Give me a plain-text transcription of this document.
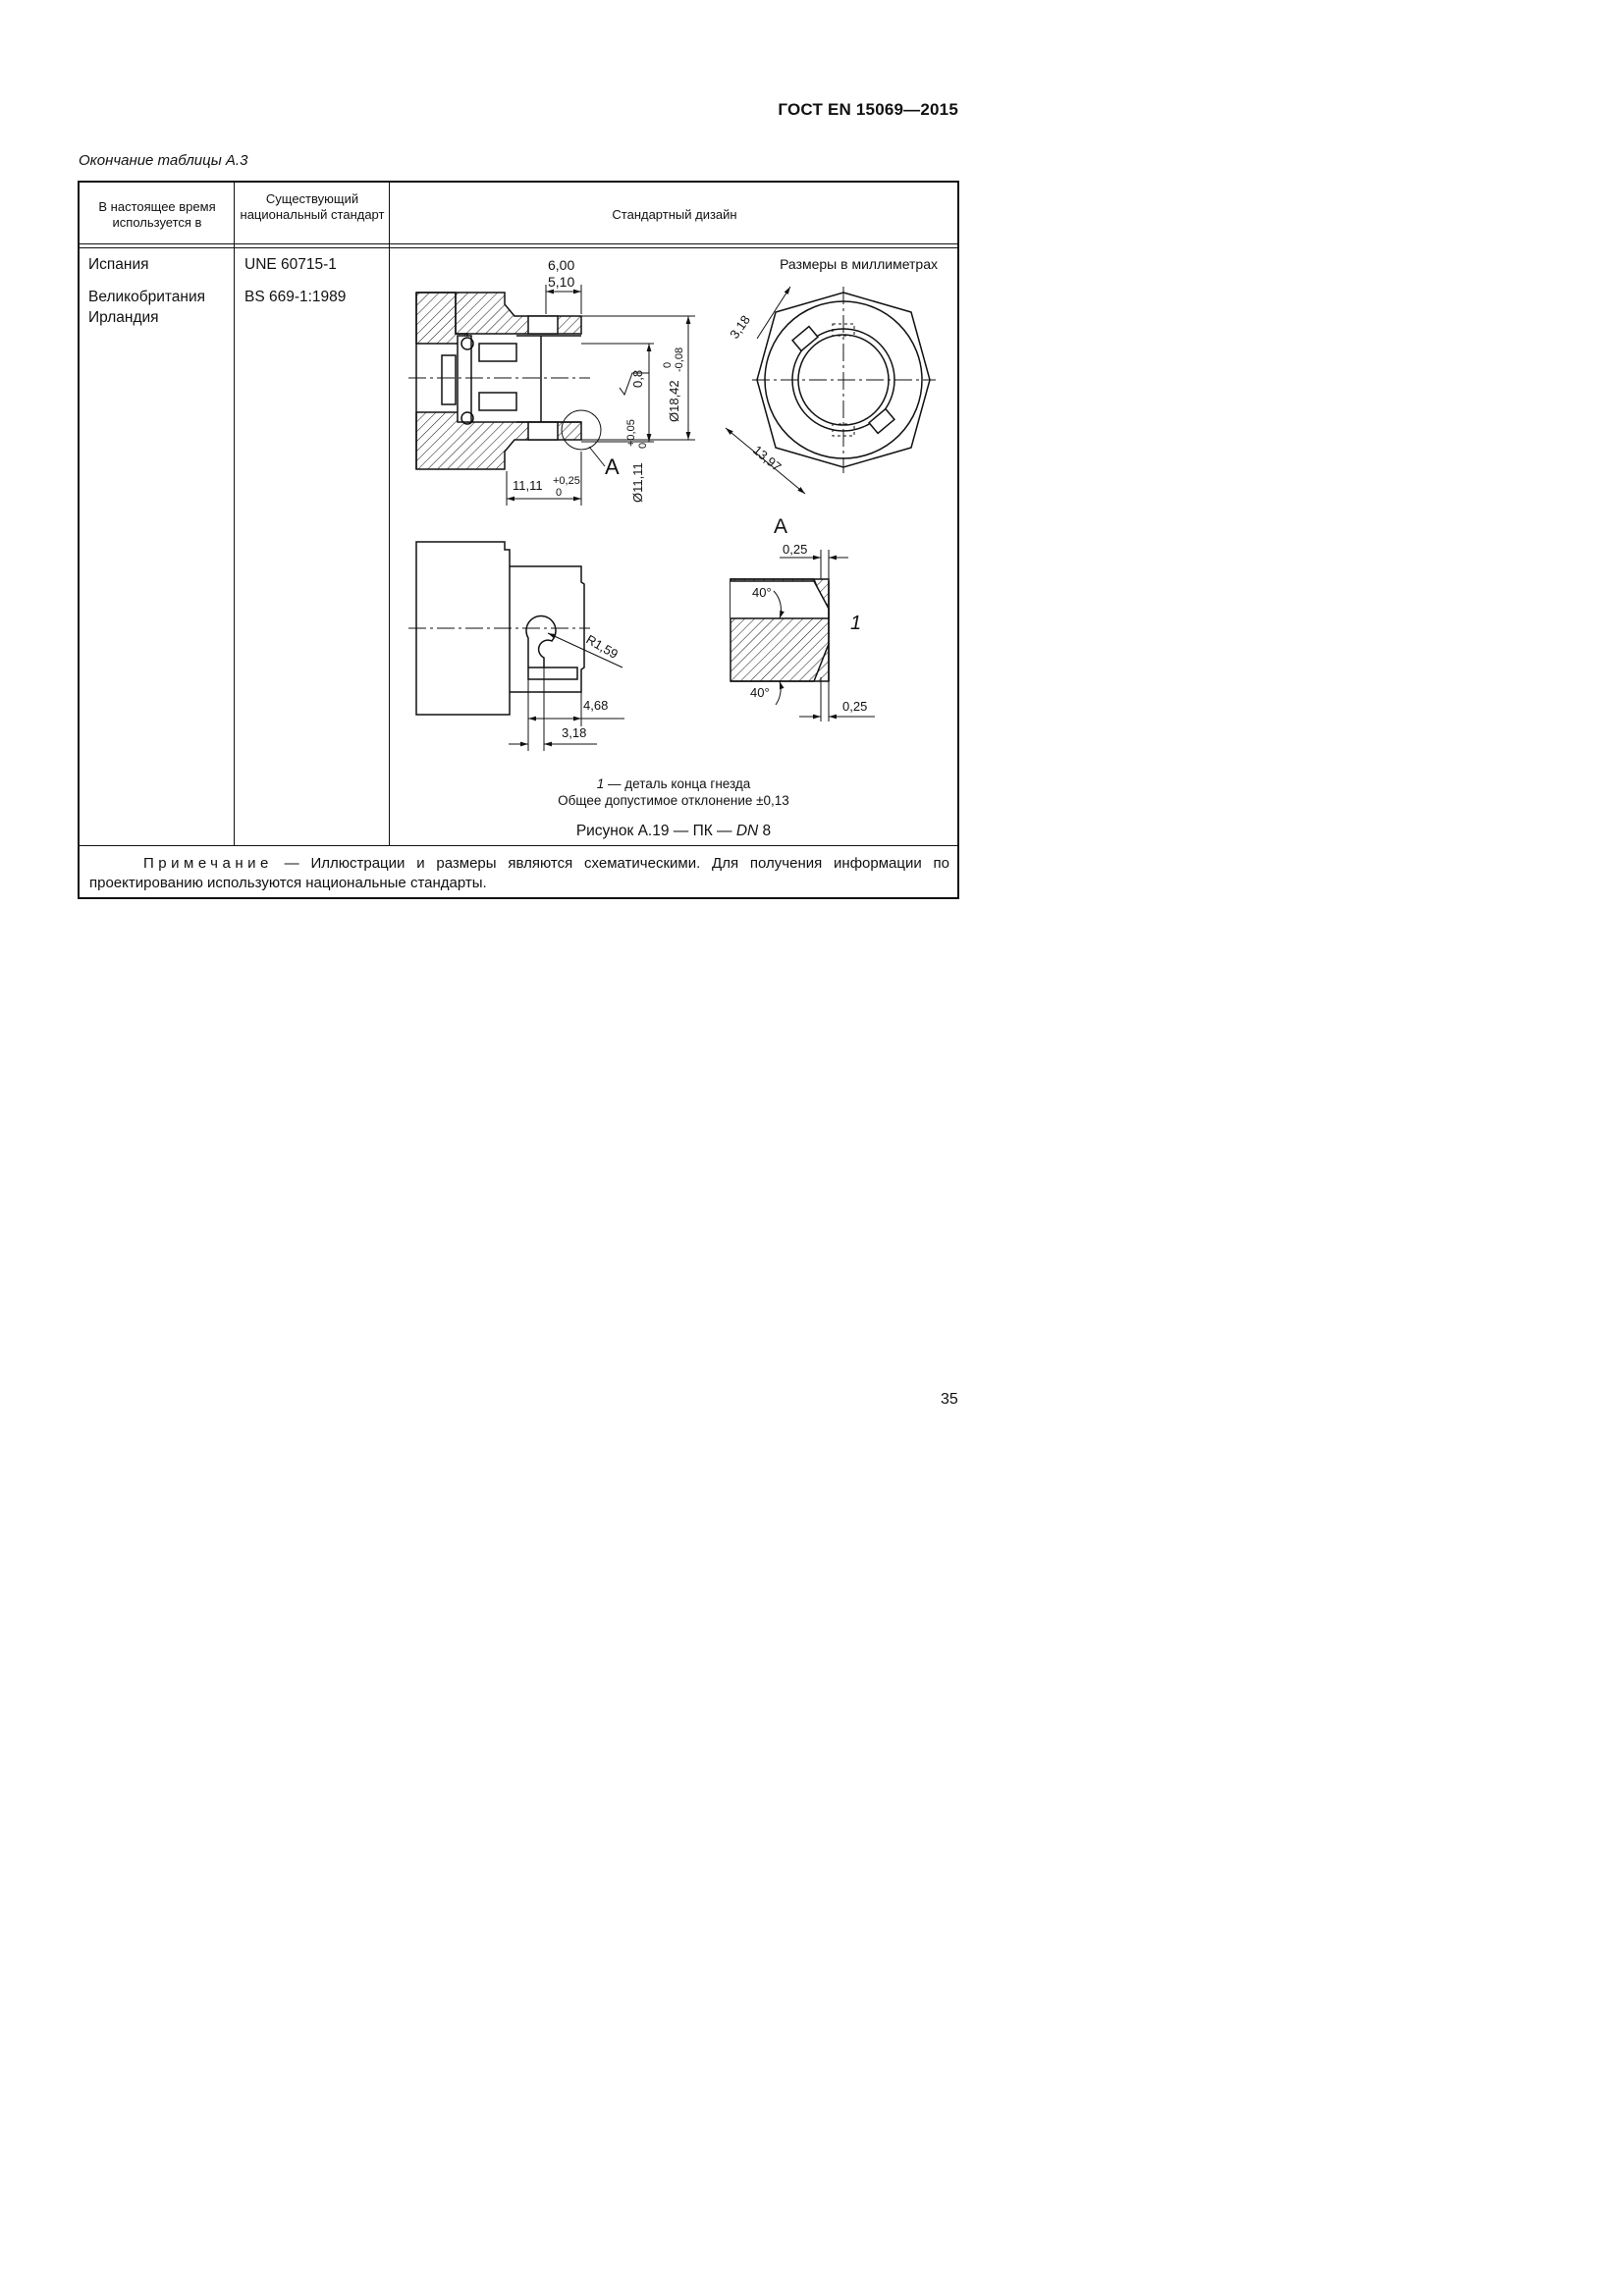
ГОСТ EN 15069—2015
Окончание таблицы А.3
В настоящее время используется в
Существующий национальный стандарт	Стандартный дизайн
Испания
Великобритания
Ирландия
UNE 60715-1
BS 669-1:1989
Примечание — Иллюстрации и размеры являются схематическими. Для получения информации по проектированию используются национальные стандарты.
Размеры в миллиметрах
А
6,00
5,10
11,11 +0,25
0
0,8
Ø18,42
0 -0,08
Ø11,11
+0,05 0
3,18
13,97
R1,59
4,68
3,18
А
0,25
0,25
40°
40°
1
1 — деталь конца гнезда
Общее допустимое отклонение ±0,13
Рисунок А.19 — ПК — DN 8
35
